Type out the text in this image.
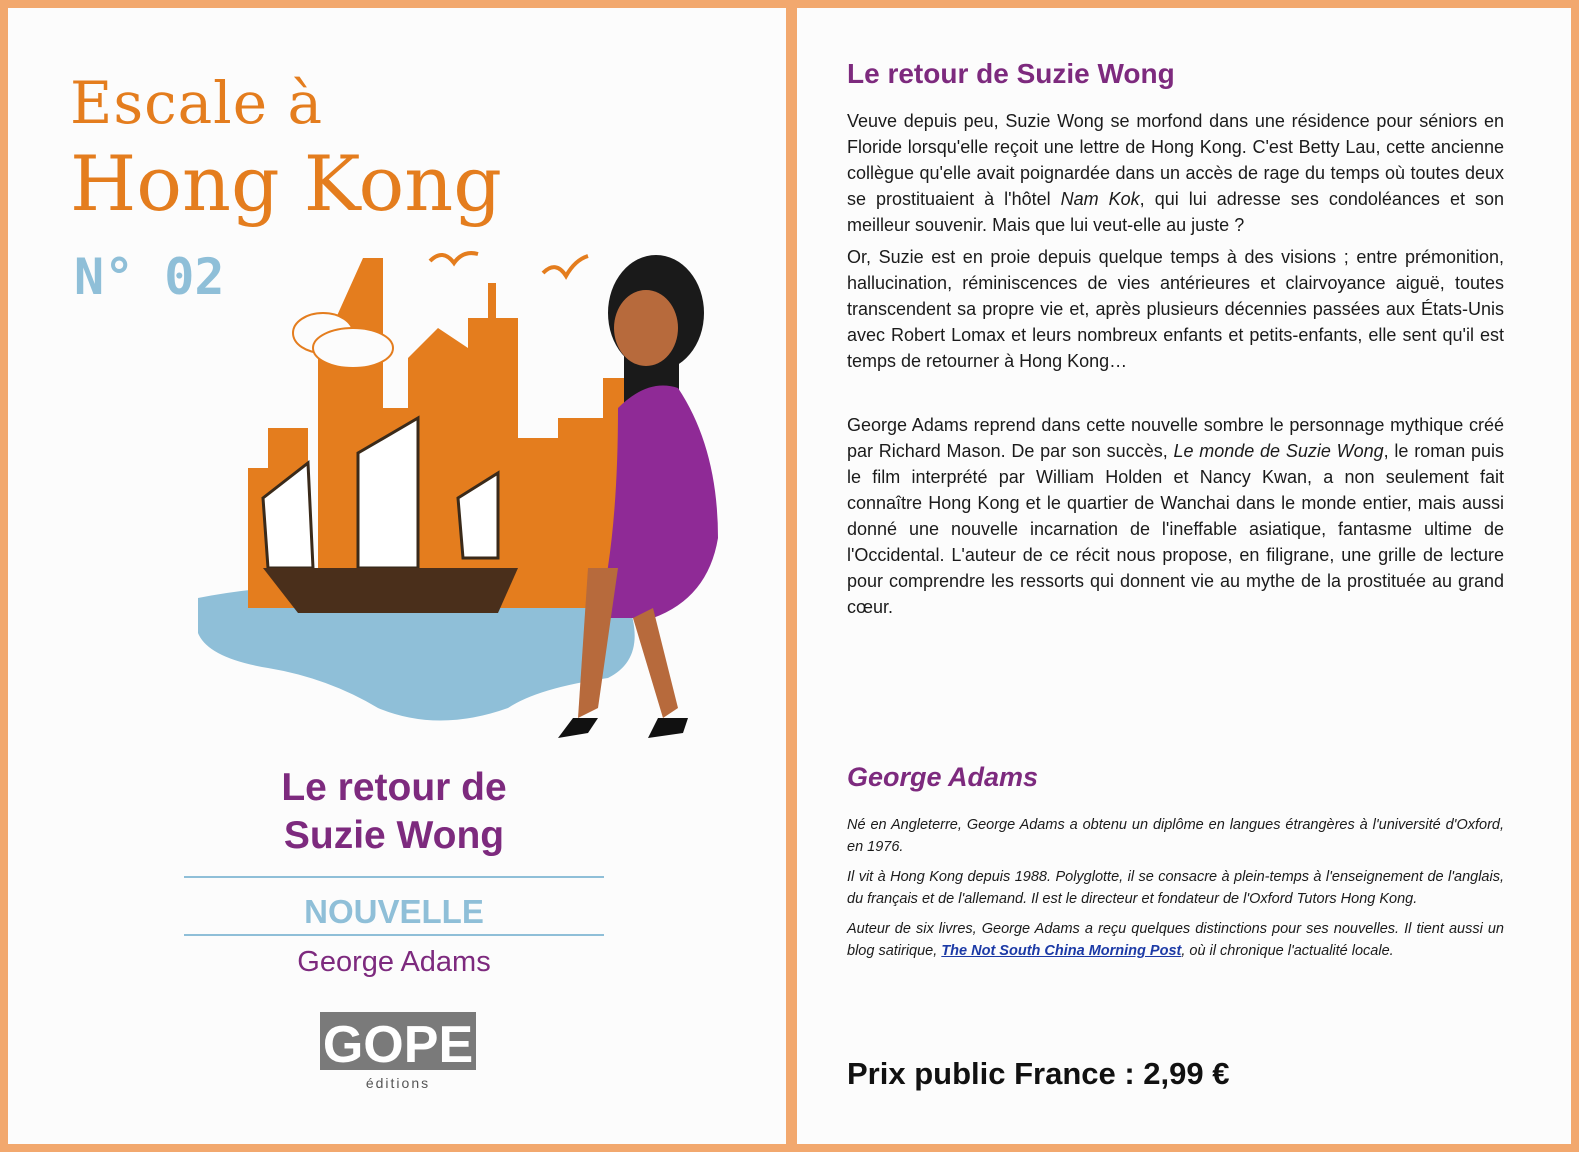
Escale à
Hong Kong
N° 02
Le retour de
Suzie Wong
NOUVELLE
George Adams
GOPE
éditions
Le retour de Suzie Wong

Veuve depuis peu, Suzie Wong se morfond dans une résidence pour séniors en Floride lorsqu'elle reçoit une lettre de Hong Kong. C'est Betty Lau, cette ancienne collègue qu'elle avait poignardée dans un accès de rage du temps où toutes deux se prostituaient à l'hôtel Nam Kok, qui lui adresse ses condoléances et son meilleur souvenir. Mais que lui veut-elle au juste ?

Or, Suzie est en proie depuis quelque temps à des visions ; entre prémonition, hallucination, réminiscences de vies antérieures et clairvoyance aiguë, toutes transcendent sa propre vie et, après plusieurs décennies passées aux États-Unis avec Robert Lomax et leurs nombreux enfants et petits-enfants, elle sent qu'il est temps de retourner à Hong Kong…

George Adams reprend dans cette nouvelle sombre le personnage mythique créé par Richard Mason. De par son succès, Le monde de Suzie Wong, le roman puis le film interprété par William Holden et Nancy Kwan, a non seulement fait connaître Hong Kong et le quartier de Wanchai dans le monde entier, mais aussi donné une nouvelle incarnation de l'ineffable asiatique, fantasme ultime de l'Occidental. L'auteur de ce récit nous propose, en filigrane, une grille de lecture pour comprendre les ressorts qui donnent vie au mythe de la prostituée au grand cœur.

George Adams

Né en Angleterre, George Adams a obtenu un diplôme en langues étrangères à l'université d'Oxford, en 1976.

Il vit à Hong Kong depuis 1988. Polyglotte, il se consacre à plein-temps à l'enseignement de l'anglais, du français et de l'allemand. Il est le directeur et fondateur de l'Oxford Tutors Hong Kong.

Auteur de six livres, George Adams a reçu quelques distinctions pour ses nouvelles. Il tient aussi un blog satirique, The Not South China Morning Post, où il chronique l'actualité locale.

Prix public France : 2,99 €
